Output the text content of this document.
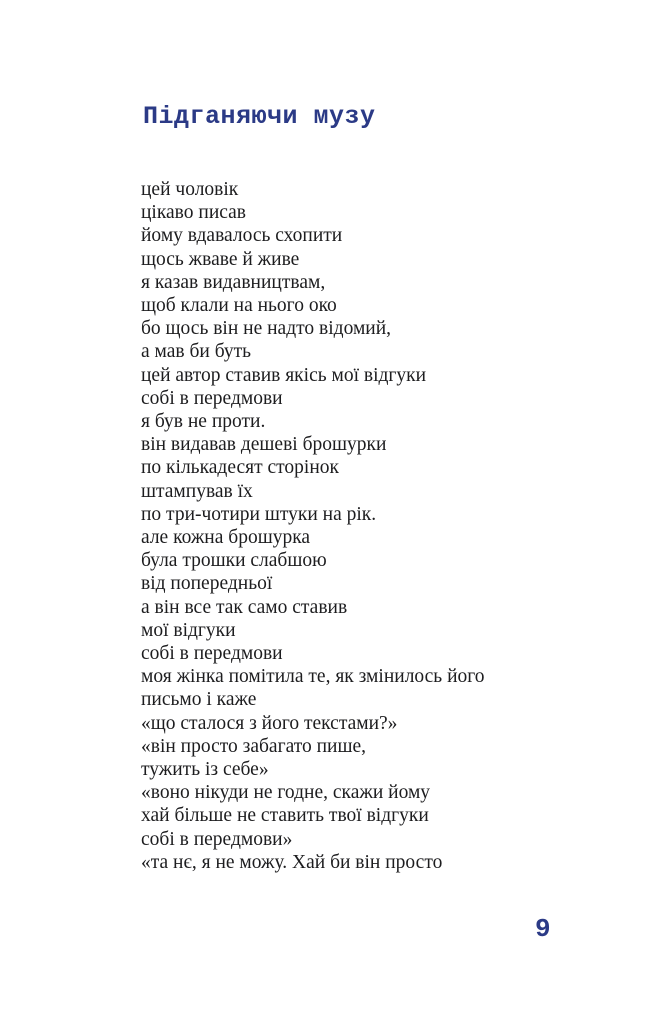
Підганяючи музу
цей чоловік
цікаво писав
йому вдавалось схопити
щось жваве й живе
я казав видавництвам,
щоб клали на нього око
бо щось він не надто відомий,
а мав би буть
цей автор ставив якісь мої відгуки
собі в передмови
я був не проти.
він видавав дешеві брошурки
по кількадесят сторінок
штампував їх
по три-чотири штуки на рік.
але кожна брошурка
була трошки слабшою
від попередньої
а він все так само ставив
мої відгуки
собі в передмови
моя жінка помітила те, як змінилось його
письмо і каже
«що сталося з його текстами?»
«він просто забагато пише,
тужить із себе»
«воно нікуди не годне, скажи йому
хай більше не ставить твої відгуки
собі в передмови»
«та нє, я не можу. Хай би він просто
9
